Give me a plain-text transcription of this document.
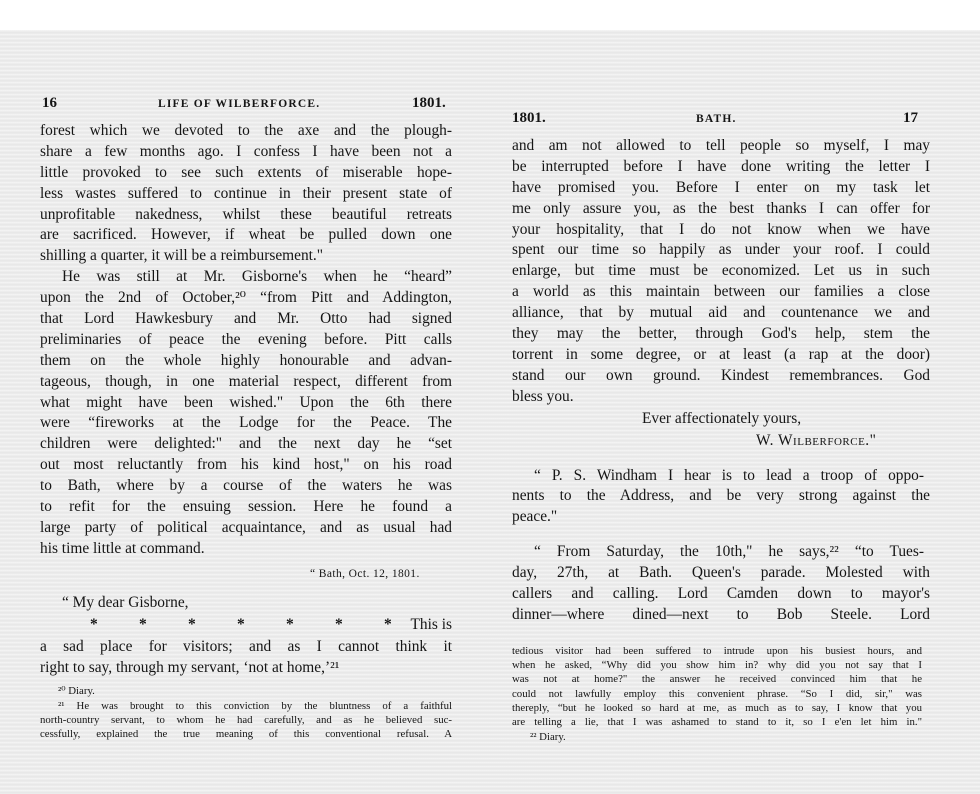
16	LIFE OF WILBERFORCE.	1801.
forest which we devoted to the axe and the plough-
share a few months ago. I confess I have been not a
little provoked to see such extents of miserable hope-
less wastes suffered to continue in their present state of
unprofitable nakedness, whilst these beautiful retreats
are sacrificed. However, if wheat be pulled down one
shilling a quarter, it will be a reimbursement."
He was still at Mr. Gisborne's when he “heard”
upon the 2nd of October,²⁰ “from Pitt and Addington,
that Lord Hawkesbury and Mr. Otto had signed
preliminaries of peace the evening before. Pitt calls
them on the whole highly honourable and advan-
tageous, though, in one material respect, different from
what might have been wished." Upon the 6th there
were “fireworks at the Lodge for the Peace. The
children were delighted:" and the next day he “set
out most reluctantly from his kind host," on his road
to Bath, where by a course of the waters he was
to refit for the ensuing session. Here he found a
large party of political acquaintance, and as usual had
his time little at command.
“ Bath, Oct. 12, 1801.
“ My dear Gisborne,
*	*	*	*	*	*	*	This is
a sad place for visitors; and as I cannot think it
right to say, through my servant, ‘not at home,’²¹
²⁰ Diary.
²¹ He was brought to this conviction by the bluntness of a faithful
north-country servant, to whom he had carefully, and as he believed suc-
cessfully, explained the true meaning of this conventional refusal. A
1801.	BATH.	17
and am not allowed to tell people so myself, I may
be interrupted before I have done writing the letter I
have promised you. Before I enter on my task let
me only assure you, as the best thanks I can offer for
your hospitality, that I do not know when we have
spent our time so happily as under your roof. I could
enlarge, but time must be economized. Let us in such
a world as this maintain between our families a close
alliance, that by mutual aid and countenance we and
they may the better, through God's help, stem the
torrent in some degree, or at least (a rap at the door)
stand our own ground. Kindest remembrances. God
bless you.
Ever affectionately yours,
W. Wilberforce."
“ P. S. Windham I hear is to lead a troop of oppo-
nents to the Address, and be very strong against the
peace."
“ From Saturday, the 10th," he says,²² “to Tues-
day, 27th, at Bath. Queen's parade. Molested with
callers and calling. Lord Camden down to mayor's
dinner—where dined—next to Bob Steele. Lord
tedious visitor had been suffered to intrude upon his busiest hours, and
when he asked, “Why did you show him in? why did you not say that I
was not at home?" the answer he received convinced him that he
could not lawfully employ this convenient phrase. “So I did, sir," was
thereply, “but he looked so hard at me, as much as to say, I know that you
are telling a lie, that I was ashamed to stand to it, so I e'en let him in."
²² Diary.
